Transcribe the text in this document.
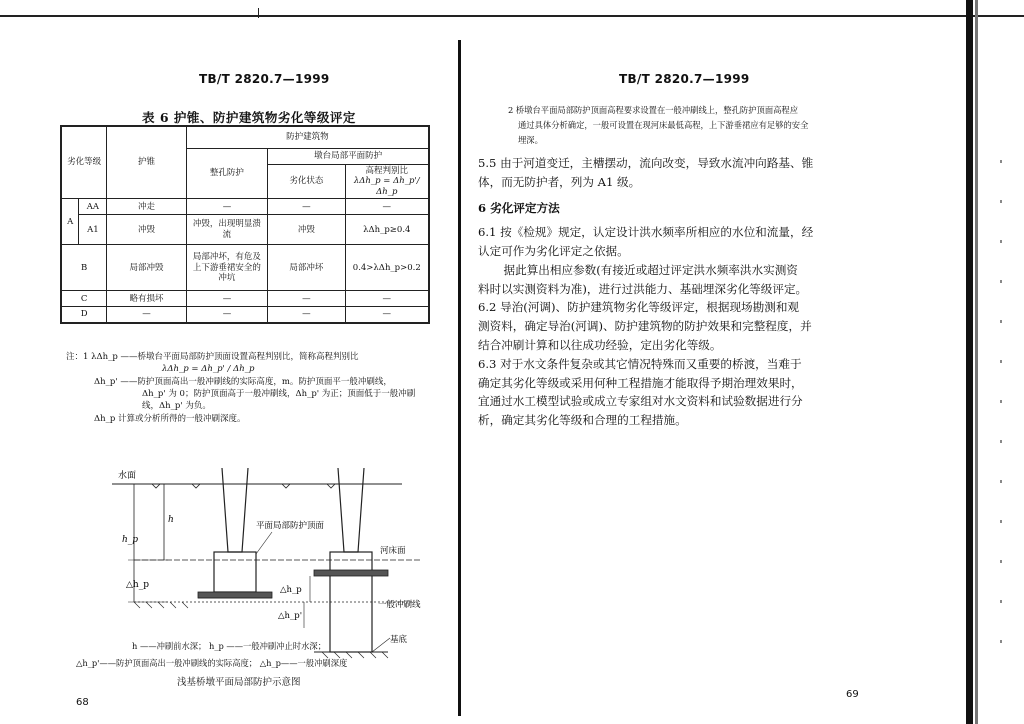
TB/T 2820.7—1999
表 6 护锥、防护建筑物劣化等级评定
劣化等级		护锥	防护建筑物		
			整孔防护	墩台局部平面防护	
				劣化状态	高程判别比
λΔh_p = Δh_p'/Δh_p
A	AA	冲走	—	—	—
	A1	冲毁	冲毁，出现明显溃流	冲毁	λΔh_p≥0.4
B		局部冲毁	局部冲坏，有危及上下游垂裙安全的冲坑	局部冲坏	0.4>λΔh_p>0.2
C		略有损坏	—	—	—
D		—	—	—	—
注：1 λΔh_p ——桥墩台平面局部防护顶面设置高程判别比，简称高程判别比
λΔh_p = Δh_p' / Δh_p
Δh_p' ——防护顶面高出一般冲刷线的实际高度，m。防护顶面平一般冲刷线，
Δh_p' 为 0；防护顶面高于一般冲刷线，Δh_p' 为正；顶面低于一般冲刷
线，Δh_p' 为负。
Δh_p 计算或分析所得的一般冲刷深度。
水面
h_p
h
△h_p
河床面
一般冲刷线
平面局部防护顶面
△h_p
△h_p'
基底
h ——冲刷前水深； h_p ——一般冲刷冲止时水深；
△h_p'——防护顶面高出一般冲刷线的实际高度； △h_p——一般冲刷深度
浅基桥墩平面局部防护示意图
68
TB/T 2820.7—1999
2 桥墩台平面局部防护顶面高程要求设置在一般冲刷线上，整孔防护顶面高程应
通过具体分析确定，一般可设置在现河床最低高程，上下游垂裙应有足够的安全
埋深。

5.5 由于河道变迁，主槽摆动，流向改变，导致水流冲向路基、锥

体，而无防护者，列为 A1 级。

6 劣化评定方法

6.1 按《检规》规定，认定设计洪水频率所相应的水位和流量，经

认定可作为劣化评定之依据。

据此算出相应参数(有接近或超过评定洪水频率洪水实测资

料时以实测资料为准)，进行过洪能力、基础埋深劣化等级评定。

6.2 导治(河调)、防护建筑物劣化等级评定，根据现场勘测和观

测资料，确定导治(河调)、防护建筑物的防护效果和完整程度，并

结合冲刷计算和以往成功经验，定出劣化等级。

6.3 对于水文条件复杂或其它情况特殊而又重要的桥渡，当难于

确定其劣化等级或采用何种工程措施才能取得予期治理效果时，

宜通过水工模型试验或成立专家组对水文资料和试验数据进行分

析，确定其劣化等级和合理的工程措施。

69
